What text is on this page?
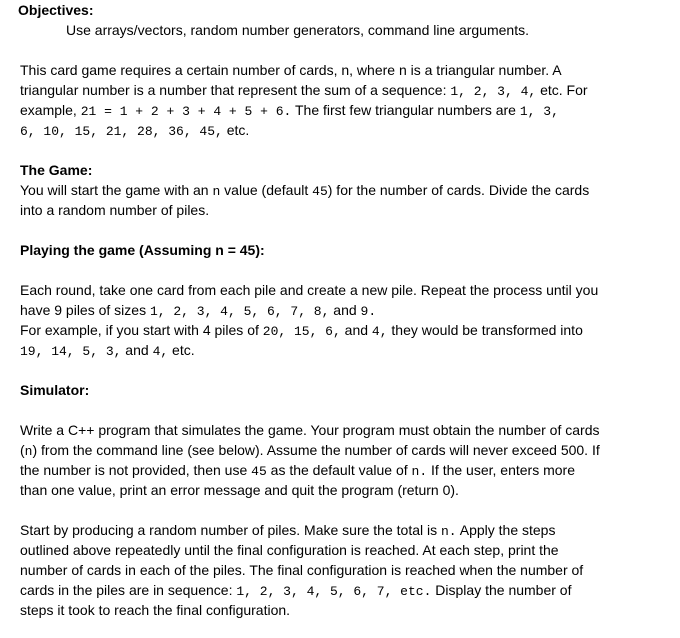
Objectives:
Use arrays/vectors, random number generators, command line arguments.
This card game requires a certain number of cards, n, where n is a triangular number. A
triangular number is a number that represent the sum of a sequence: 1, 2, 3, 4, etc. For
example, 21 = 1 + 2 + 3 + 4 + 5 + 6. The first few triangular numbers are 1, 3,
6, 10, 15, 21, 28, 36, 45, etc.
The Game:
You will start the game with an n value (default 45) for the number of cards. Divide the cards
into a random number of piles.
Playing the game (Assuming n = 45):
Each round, take one card from each pile and create a new pile. Repeat the process until you
have 9 piles of sizes 1, 2, 3, 4, 5, 6, 7, 8, and 9.
For example, if you start with 4 piles of 20, 15, 6, and 4, they would be transformed into
19, 14, 5, 3, and 4, etc.
Simulator:
Write a C++ program that simulates the game. Your program must obtain the number of cards
(n) from the command line (see below). Assume the number of cards will never exceed 500. If
the number is not provided, then use 45 as the default value of n. If the user, enters more
than one value, print an error message and quit the program (return 0).
Start by producing a random number of piles. Make sure the total is n. Apply the steps
outlined above repeatedly until the final configuration is reached. At each step, print the
number of cards in each of the piles. The final configuration is reached when the number of
cards in the piles are in sequence: 1, 2, 3, 4, 5, 6, 7, etc. Display the number of
steps it took to reach the final configuration.
